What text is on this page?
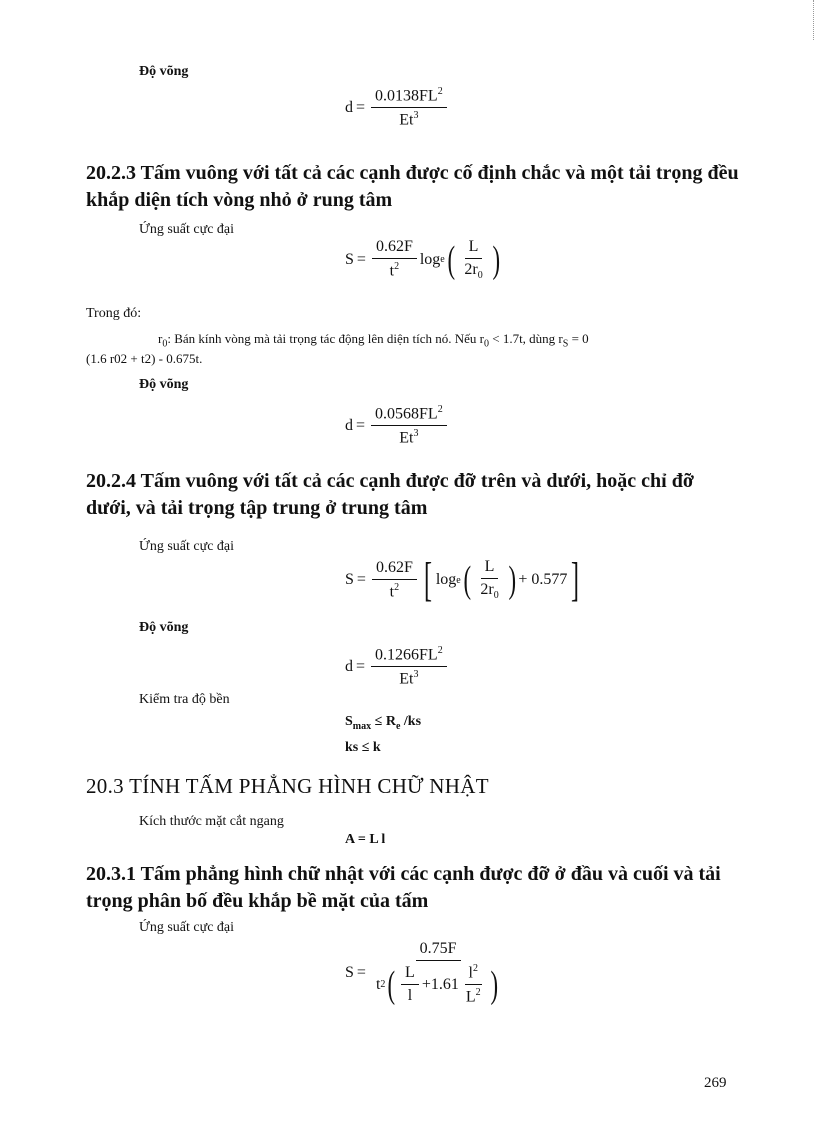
Độ võng
$d = \frac{0.0138FL^2}{Et^3}$
20.2.3 Tấm vuông với tất cả các cạnh được cố định chắc và một tải trọng đều khắp diện tích vòng nhỏ ở rung tâm
Ứng suất cực đại
$S = \frac{0.62F}{t^2}$ log e ( $\frac{L}{2r_0}$ )
Trong đó:
$r_0$: Bán kính vòng mà tải trọng tác động lên diện tích nó. Nếu $r_0 < 1.7t$, dùng $r_S = 0$
(1.6 r02 + t2) - 0.675t.
Độ võng
$d = \frac{0.0568FL^2}{Et^3}$
20.2.4 Tấm vuông với tất cả các cạnh được đỡ trên và dưới, hoặc chỉ đỡ dưới, và tải trọng tập trung ở trung tâm
Ứng suất cực đại
$S = \frac{0.62F}{t^2}$ [ log e ( $\frac{L}{2r_0}$ ) + 0.577 ]
Độ võng
$d = \frac{0.1266FL^2}{Et^3}$
Kiểm tra độ bền
$S_{max} \le R_e$ /ks
ks ≤ k
20.3 TÍNH TẤM PHẲNG HÌNH CHỮ NHẬT
Kích thước mặt cắt ngang
A = L l
20.3.1 Tấm phẳng hình chữ nhật với các cạnh được đỡ ở đầu và cuối và tải trọng phân bố đều khắp bề mặt của tấm
Ứng suất cực đại
S =
0.75F
t 2 ( $\frac{L}{l} +1.61 \frac{l^2}{L^2}$ )
269
